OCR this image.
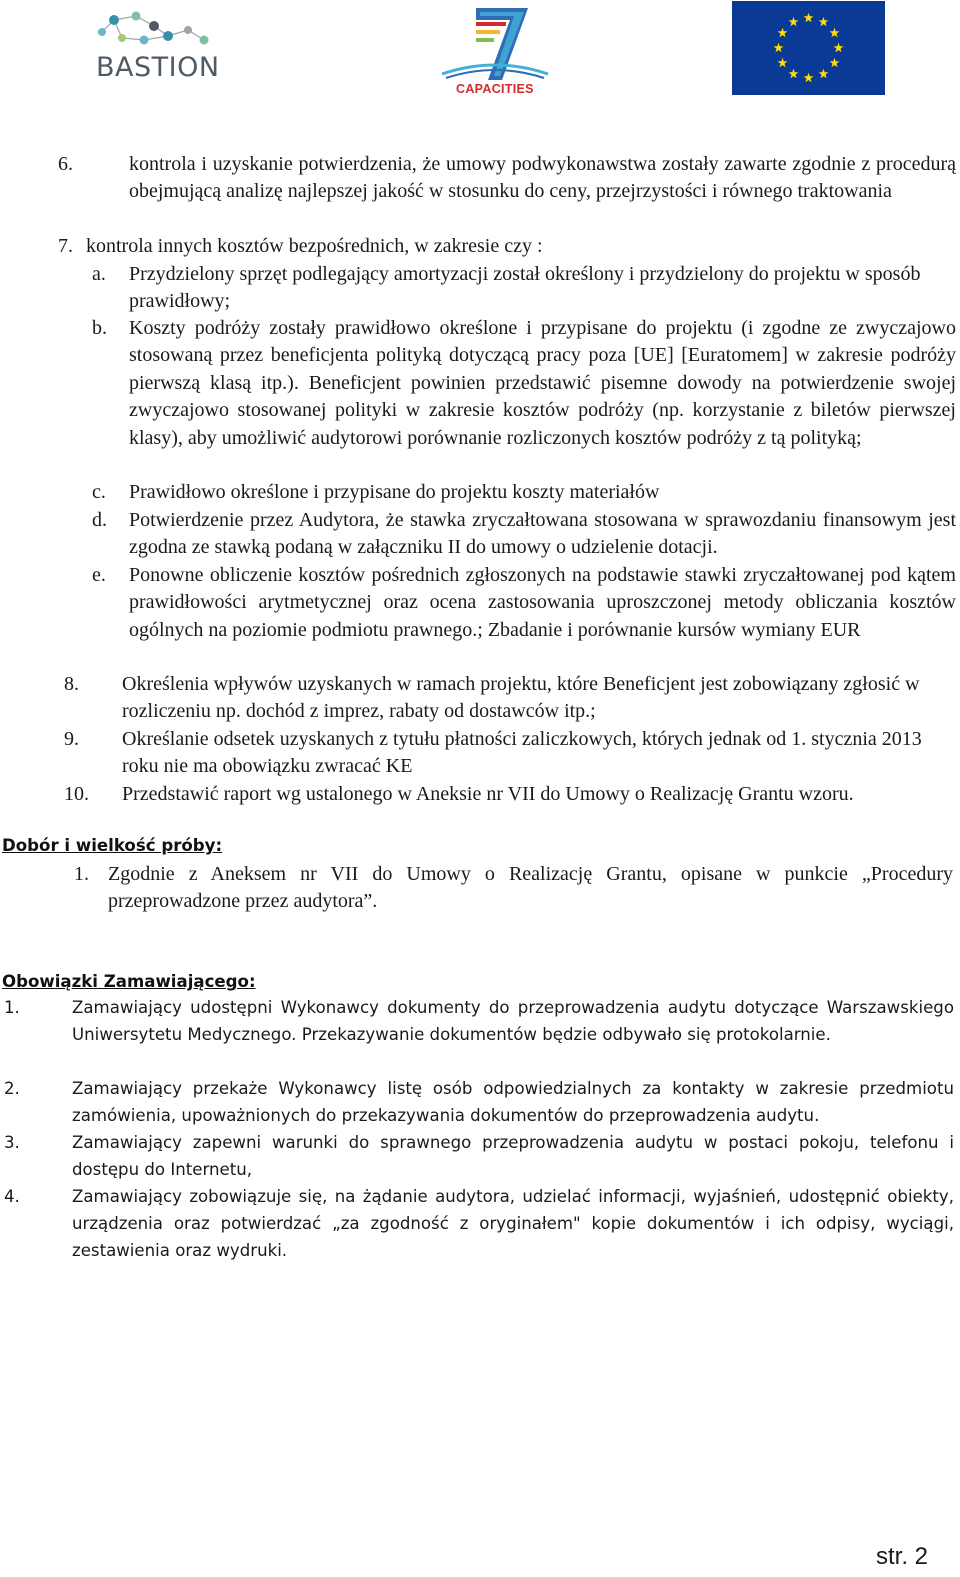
BASTION
CAPACITIES
6.	kontrola i uzyskanie potwierdzenia, że umowy podwykonawstwa zostały zawarte zgodnie z procedurą obejmującą analizę najlepszej jakość w stosunku do ceny, przejrzystości i równego traktowania
7. kontrola innych kosztów bezpośrednich, w zakresie czy :
a. Przydzielony sprzęt podlegający amortyzacji został określony i przydzielony do projektu w sposób prawidłowy;
b. Koszty podróży zostały prawidłowo określone i przypisane do projektu (i zgodne ze zwyczajowo stosowaną przez beneficjenta polityką dotyczącą pracy poza [UE] [Euratomem] w zakresie podróży pierwszą klasą itp.). Beneficjent powinien przedstawić pisemne dowody na potwierdzenie swojej zwyczajowo stosowanej polityki w zakresie kosztów podróży (np. korzystanie z biletów pierwszej klasy), aby umożliwić audytorowi porównanie rozliczonych kosztów podróży z tą polityką;
c. Prawidłowo określone i przypisane do projektu koszty materiałów
d. Potwierdzenie przez Audytora, że stawka zryczałtowana stosowana w sprawozdaniu finansowym jest zgodna ze stawką podaną w załączniku II do umowy o udzielenie dotacji.
e. Ponowne obliczenie kosztów pośrednich zgłoszonych na podstawie stawki zryczałtowanej pod kątem prawidłowości arytmetycznej oraz ocena zastosowania uproszczonej metody obliczania kosztów ogólnych na poziomie podmiotu prawnego.; Zbadanie i porównanie kursów wymiany EUR
8. Określenia wpływów uzyskanych w ramach projektu, które Beneficjent jest zobowiązany zgłosić w rozliczeniu np. dochód z imprez, rabaty od dostawców itp.;
9. Określanie odsetek uzyskanych z tytułu płatności zaliczkowych, których jednak od 1. stycznia 2013 roku nie ma obowiązku zwracać KE
10. Przedstawić raport wg ustalonego w Aneksie nr VII do Umowy o Realizację Grantu wzoru.
Dobór i wielkość próby:
1. Zgodnie z Aneksem nr VII do Umowy o Realizację Grantu, opisane w punkcie „Procedury przeprowadzone przez audytora”.
Obowiązki Zamawiającego:
1.	Zamawiający udostępni Wykonawcy dokumenty do przeprowadzenia audytu dotyczące Warszawskiego Uniwersytetu Medycznego. Przekazywanie dokumentów będzie odbywało się protokolarnie.
2.	Zamawiający przekaże Wykonawcy listę osób odpowiedzialnych za kontakty w zakresie przedmiotu zamówienia, upoważnionych do przekazywania dokumentów do przeprowadzenia audytu.
3.	Zamawiający zapewni warunki do sprawnego przeprowadzenia audytu w postaci pokoju, telefonu i dostępu do Internetu,
4.	Zamawiający zobowiązuje się, na żądanie audytora, udzielać informacji, wyjaśnień, udostępnić obiekty, urządzenia oraz potwierdzać „za zgodność z oryginałem" kopie dokumentów i ich odpisy, wyciągi, zestawienia oraz wydruki.
str. 2
